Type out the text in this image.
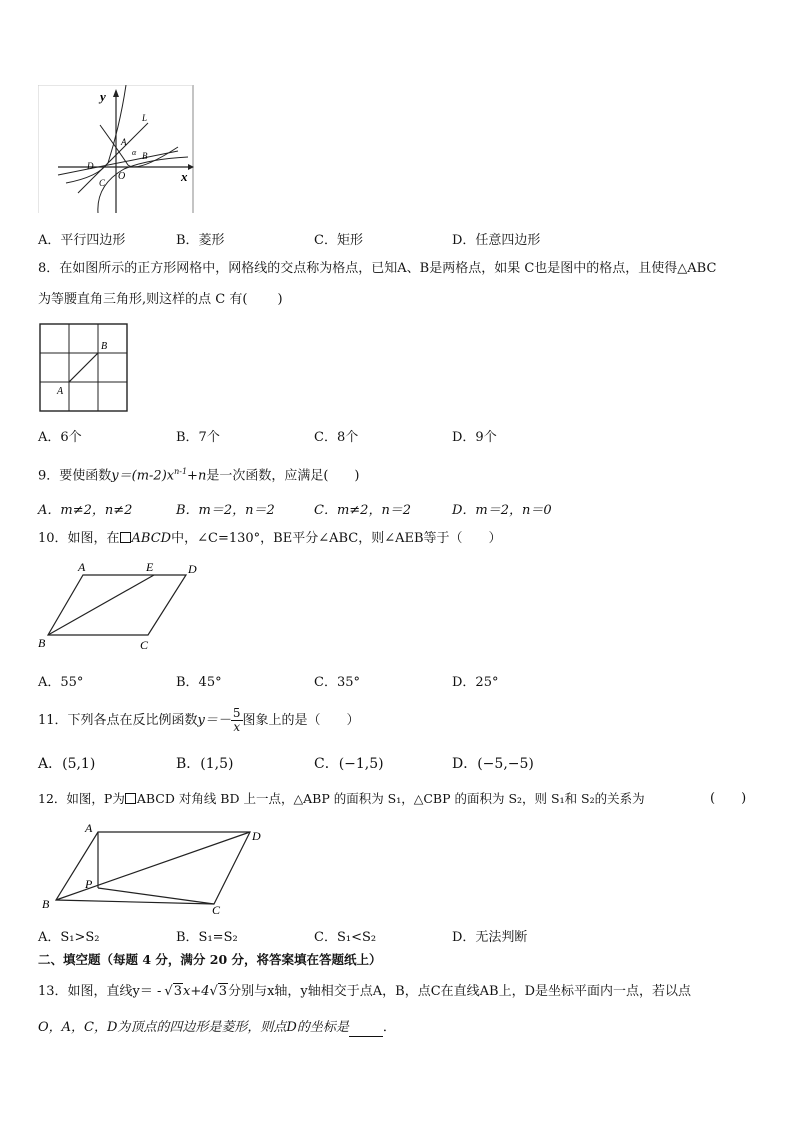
y
x
O
A
B
C
D
L
α
A．平行四边形	B．菱形	C．矩形	D．任意四边形
8．在如图所示的正方形网格中，网格线的交点称为格点，已知A、B是两格点，如果 C也是图中的格点，且使得△ABC
为等腰直角三角形,则这样的点 C 有(　　 )
A
B
A．6个	B．7个	C．8个	D．9个
9．要使函数$y=(m-2)x^{n-1}+n$是一次函数，应满足(　　)
A．m≠2，n≠2	B．m＝2，n＝2	C．m≠2，n＝2	D．m＝2，n＝0
10．如图，在 ABCD中，∠C=130°，BE平分∠ABC，则∠AEB等于（　　）
A	E	D
B	C
A．55°	B．45°	C．35°	D．25°
11．下列各点在反比例函数$y=- \frac{5}{x}$ 图象上的是（　　）
A．(5,1)	B．(1,5)	C．(−1,5)	D．(−5,−5)
12．如图，P为 ABCD 对角线 BD 上一点，△ABP 的面积为 S₁，△CBP 的面积为 S₂，则 S₁和 S₂的关系为	(　　)
A
D
P
B	C
A．S₁>S₂	B．S₁=S₂	C．S₁<S₂	D．无法判断
二、填空题（每题 4 分，满分 20 分，将答案填在答题纸上）
13．如图，直线y＝ - √3x+4√3分别与x轴，y轴相交于点A，B，点C在直线AB上，D是坐标平面内一点，若以点
O，A，C，D为顶点的四边形是菱形，则点D的坐标是	．
